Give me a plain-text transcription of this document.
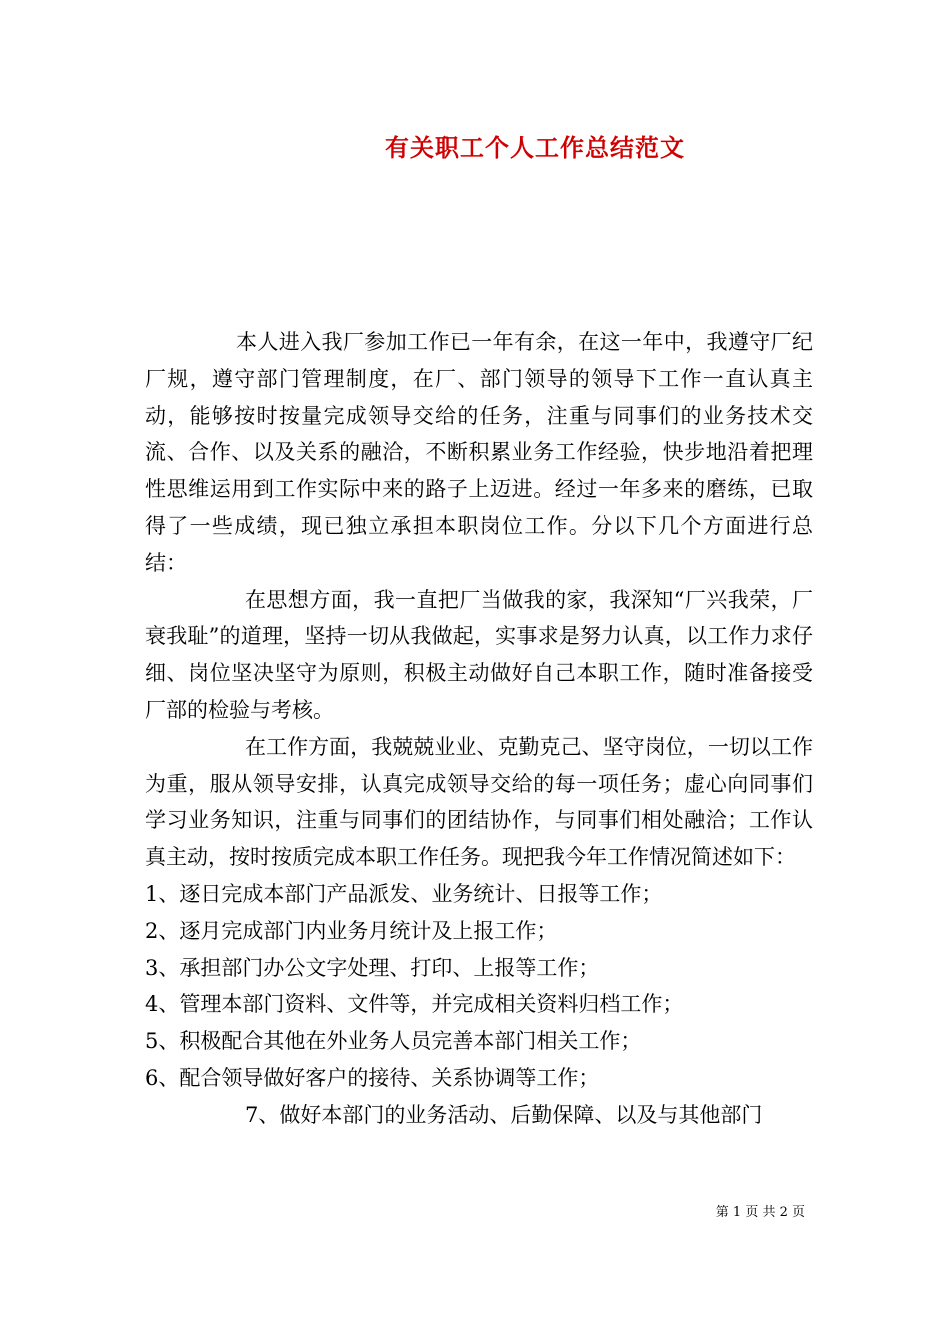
有关职工个人工作总结范文

本人进入我厂参加工作已一年有余，在这一年中，我遵守厂纪厂规，遵守部门管理制度，在厂、部门领导的领导下工作一直认真主动，能够按时按量完成领导交给的任务，注重与同事们的业务技术交流、合作、以及关系的融洽，不断积累业务工作经验，快步地沿着把理性思维运用到工作实际中来的路子上迈进。经过一年多来的磨练，已取得了一些成绩，现已独立承担本职岗位工作。分以下几个方面进行总结：

在思想方面，我一直把厂当做我的家，我深知“厂兴我荣，厂衰我耻”的道理，坚持一切从我做起，实事求是努力认真，以工作力求仔细、岗位坚决坚守为原则，积极主动做好自己本职工作，随时准备接受厂部的检验与考核。

在工作方面，我兢兢业业、克勤克己、坚守岗位，一切以工作为重，服从领导安排，认真完成领导交给的每一项任务；虚心向同事们学习业务知识，注重与同事们的团结协作，与同事们相处融洽；工作认真主动，按时按质完成本职工作任务。现把我今年工作情况简述如下：

1、逐日完成本部门产品派发、业务统计、日报等工作；

2、逐月完成部门内业务月统计及上报工作；

3、承担部门办公文字处理、打印、上报等工作；

4、管理本部门资料、文件等，并完成相关资料归档工作；

5、积极配合其他在外业务人员完善本部门相关工作；

6、配合领导做好客户的接待、关系协调等工作；

7、做好本部门的业务活动、后勤保障、以及与其他部门

第 1 页 共 2 页
